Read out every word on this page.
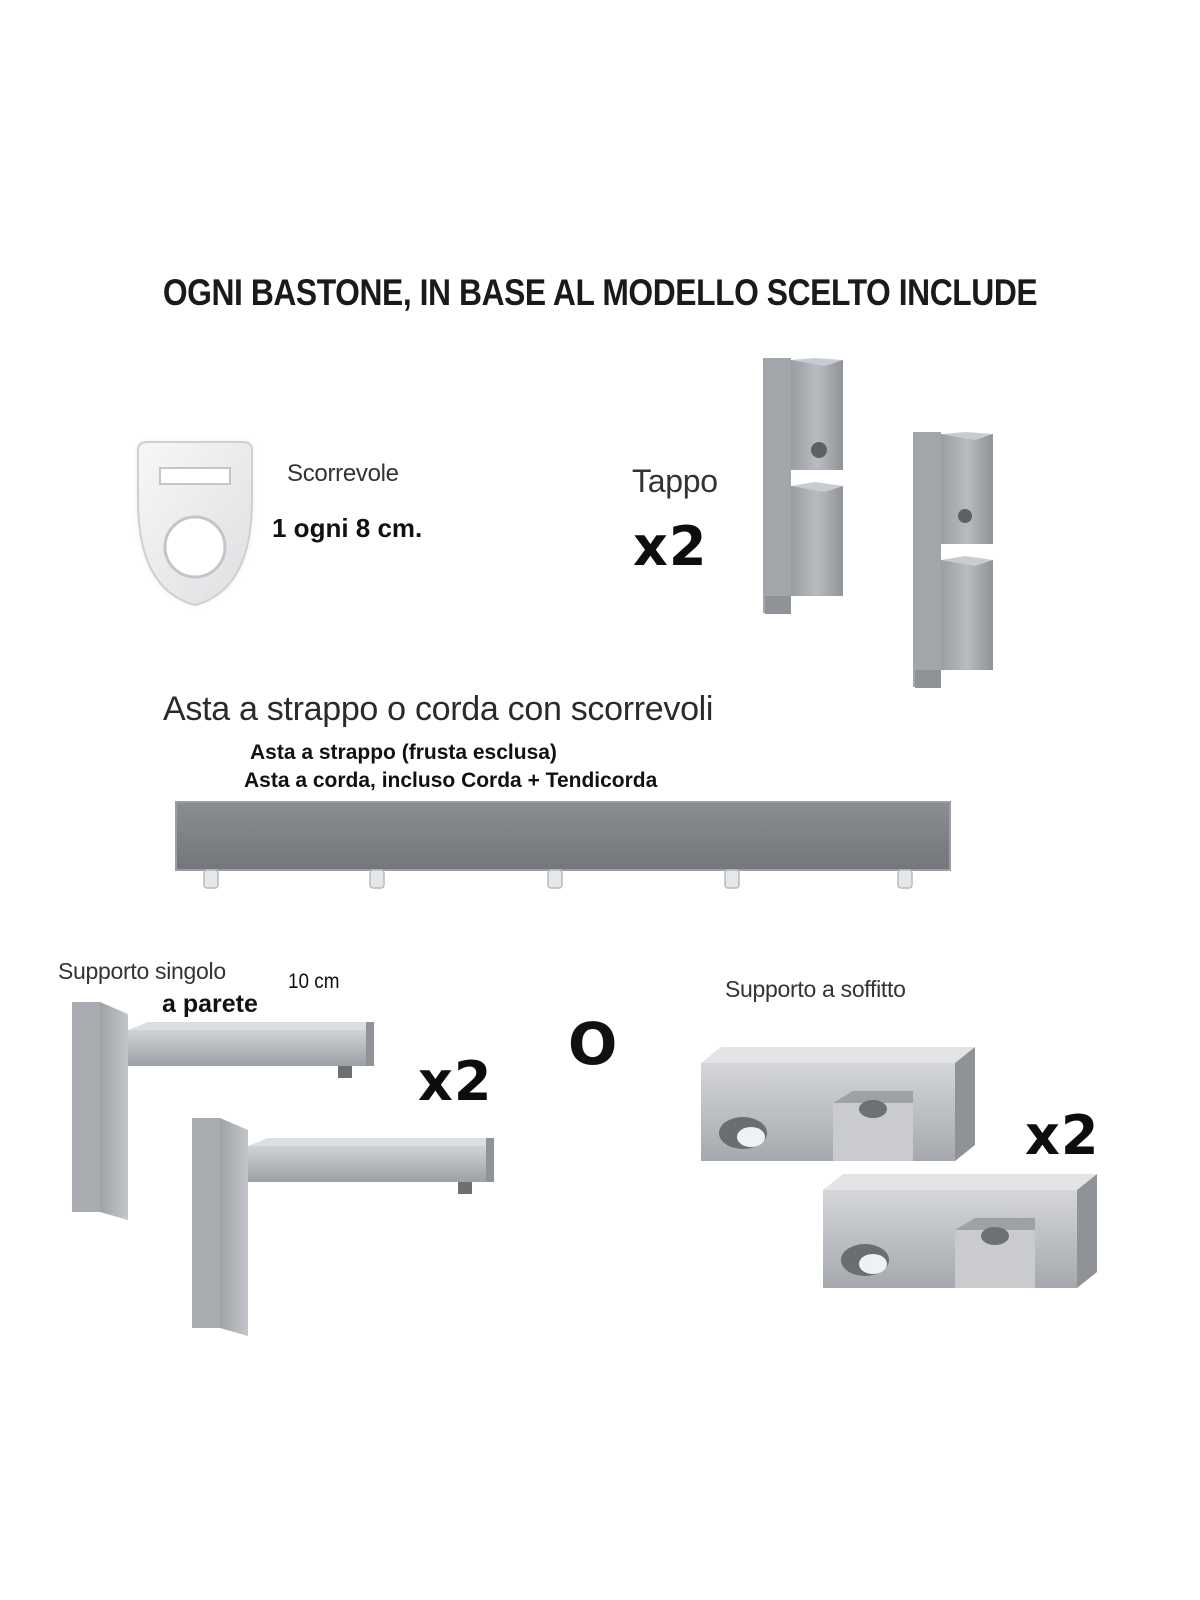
OGNI BASTONE, IN BASE AL MODELLO SCELTO INCLUDE
Scorrevole
1 ogni 8 cm.
Tappo
x2
Asta a strappo o corda con scorrevoli
Asta a strappo (frusta esclusa)
Asta a corda, incluso Corda + Tendicorda
Supporto singolo	10 cm
a parete
x2
O
Supporto a soffitto
x2
